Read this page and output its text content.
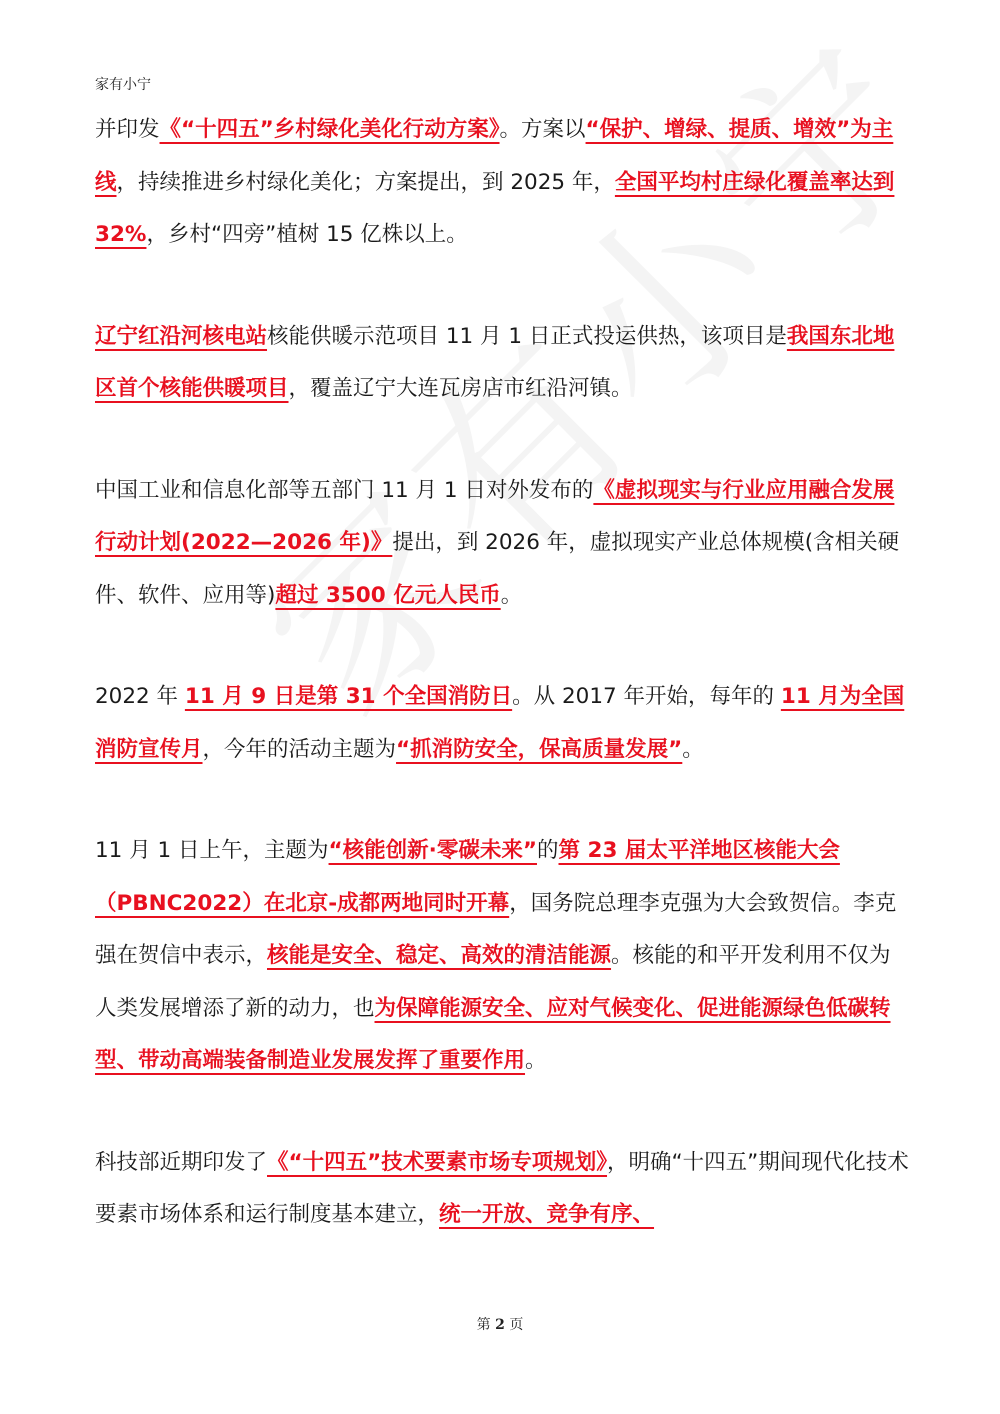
家有小宁

并印发《“十四五”乡村绿化美化行动方案》。方案以“保护、增绿、提质、增效”为主线，持续推进乡村绿化美化；方案提出，到 2025 年，全国平均村庄绿化覆盖率达到 32%，乡村“四旁”植树 15 亿株以上。

辽宁红沿河核电站核能供暖示范项目 11 月 1 日正式投运供热，该项目是我国东北地区首个核能供暖项目，覆盖辽宁大连瓦房店市红沿河镇。

中国工业和信息化部等五部门 11 月 1 日对外发布的《虚拟现实与行业应用融合发展行动计划(2022—2026 年)》提出，到 2026 年，虚拟现实产业总体规模(含相关硬件、软件、应用等)超过 3500 亿元人民币。

2022 年 11 月 9 日是第 31 个全国消防日。从 2017 年开始，每年的 11 月为全国消防宣传月，今年的活动主题为“抓消防安全，保高质量发展”。

11 月 1 日上午，主题为“核能创新·零碳未来”的第 23 届太平洋地区核能大会（PBNC2022）在北京-成都两地同时开幕，国务院总理李克强为大会致贺信。李克强在贺信中表示，核能是安全、稳定、高效的清洁能源。核能的和平开发利用不仅为人类发展增添了新的动力，也为保障能源安全、应对气候变化、促进能源绿色低碳转型、带动高端装备制造业发展发挥了重要作用。

科技部近期印发了《“十四五”技术要素市场专项规划》，明确“十四五”期间现代化技术要素市场体系和运行制度基本建立，统一开放、竞争有序、

第 2 页
